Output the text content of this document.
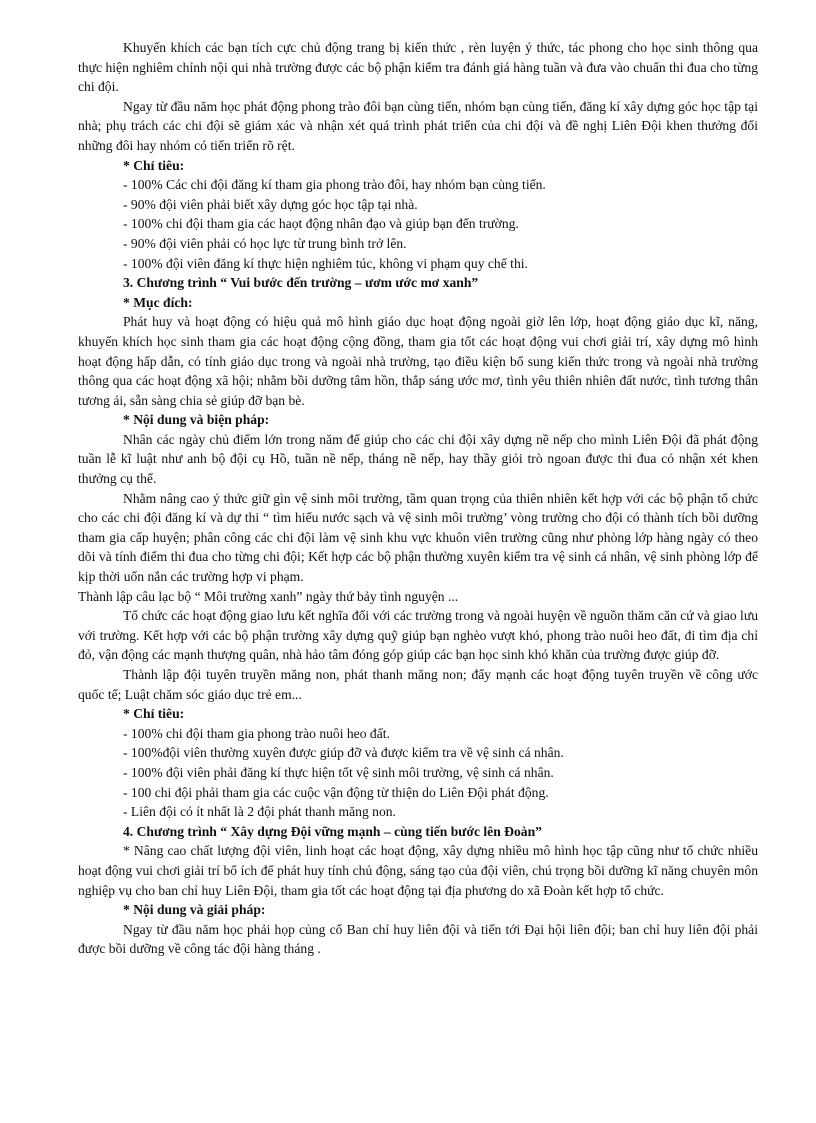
Khuyến khích các bạn tích cực chủ động trang bị kiến thức , rèn luyện ý thức, tác phong cho học sinh thông qua thực hiện nghiêm chỉnh nội qui nhà trường được các bộ phận kiểm tra đánh giá hàng tuần và đưa vào chuẩn thi đua cho từng chi đội.

Ngay từ đầu năm học phát động phong trào đôi bạn cùng tiến, nhóm bạn cùng tiến, đăng kí xây dựng góc học tập tại nhà; phụ trách các chi đội sẽ giám xác và nhận xét quá trình phát triển của chi đội và đề nghị Liên Đội khen thưởng đối những đôi hay nhóm có tiến triển rõ rệt.

* Chỉ tiêu:

- 100% Các chi đội đăng kí tham gia phong trào đôi, hay nhóm bạn cùng tiến.

- 90% đội viên phải biết xây dựng góc học tập tại nhà.

- 100% chi đội tham gia các haọt động nhân đạo và giúp bạn đến trường.

- 90% đội viên phải có học lực từ trung bình trở lên.

- 100% đội viên đăng kí thực hiện nghiêm túc, không vi phạm quy chế thi.

3. Chương trình “ Vui bước đến trường – ươm ước mơ xanh”

* Mục đích:

Phát huy và hoạt động có hiệu quả mô hình giáo dục hoạt động ngoài giờ lên lớp, hoạt động giáo dục kĩ, năng, khuyến khích học sinh tham gia các hoạt động cộng đồng, tham gia tốt các hoạt động vui chơi giải trí, xây dựng mô hình hoạt động hấp dẫn, có tính giáo dục trong và ngoài nhà trường, tạo điều kiện bổ sung kiến thức trong và ngoài nhà trường thông qua các hoạt động xã hội; nhằm bồi dưỡng tâm hồn, thắp sáng ước mơ, tình yêu thiên nhiên đất nước, tình tương thân tương ái, sẵn sàng chia sẻ giúp đỡ bạn bè.

* Nội dung và biện pháp:

Nhân các ngày chủ điểm lớn trong năm để giúp cho các chi đội xây dựng nề nếp cho mình Liên Đội đã phát động tuần lễ kĩ luật như anh bộ đội cụ Hồ, tuần nề nếp, tháng nề nếp, hay thầy giỏi trò ngoan được thi đua có nhận xét khen thưởng cụ thể.

Nhằm nâng cao ý thức giữ gìn vệ sinh môi trường, tầm quan trọng của thiên nhiên kết hợp với các bộ phận tổ chức cho các chi đội đăng kí và dự thi “ tìm hiểu nước sạch và vệ sinh môi trường’ vòng trường cho đội có thành tích bồi dưỡng tham gia cấp huyện; phân công các chi đội làm vệ sinh khu vực khuôn viên trường cũng như phòng lớp hàng ngày có theo dõi và tính điểm thi đua cho từng chi đội; Kết hợp các bộ phận thường xuyên kiểm tra vệ sinh cá nhân, vệ sinh phòng lớp để kịp thời uốn nắn các trường hợp vi phạm.

Thành lập câu lạc bộ “ Môi trường xanh” ngày thứ bảy tình nguyện ...

Tổ chức các hoạt động giao lưu kết nghĩa đối với các trường trong và ngoài huyện về nguồn thăm căn cứ và giao lưu với trường. Kết hợp với các bộ phận trường xây dựng quỹ giúp bạn nghèo vượt khó, phong trào nuôi heo đất, đi tìm địa chỉ đỏ, vận động các mạnh thượng quân, nhà hảo tâm đóng góp giúp các bạn học sinh khó khăn của trường được giúp đỡ.

Thành lập đội tuyên truyền măng non, phát thanh măng non; đẩy mạnh các hoạt động tuyên truyền về công ước quốc tế; Luật chăm sóc giáo dục trẻ em...

* Chỉ tiêu:

- 100% chi đội tham gia phong trào nuôi heo đất.

- 100%đội viên thường xuyên được giúp đỡ và được kiểm tra về vệ sinh cá nhân.

- 100% đội viên phải đăng kí thực hiện tốt vệ sinh môi trường, vệ sinh cá nhân.

- 100 chi đội phải tham gia các cuộc vận động từ thiện do Liên Đội phát động.

- Liên đội có ít nhất là 2 đội phát thanh măng non.

4. Chương trình “ Xây dựng Đội vững mạnh – cùng tiến bước lên Đoàn”

* Nâng cao chất lượng đội viên, linh hoạt các hoạt động, xây dựng nhiều mô hình học tập cũng như tổ chức nhiều hoạt động vui chơi giải trí bổ ích để phát huy tính chủ động, sáng tạo của đội viên, chú trọng bồi dưỡng kĩ năng chuyên môn nghiệp vụ cho ban chỉ huy Liên Đội, tham gia tốt các hoạt động tại địa phương do xã Đoàn kết hợp tổ chức.

* Nội dung và giải pháp:

Ngay từ đầu năm học phải họp củng cố Ban chỉ huy liên đội và tiến tới Đại hội liên đội; ban chỉ huy liên đội phải được bồi dưỡng về công tác đội hàng tháng .
